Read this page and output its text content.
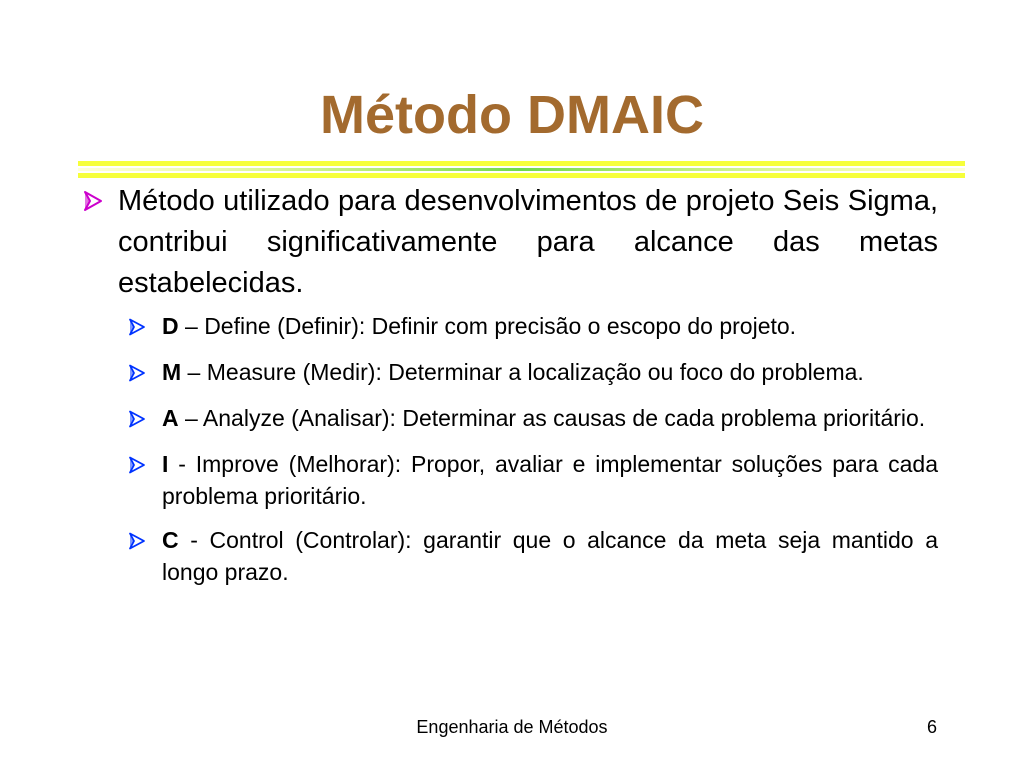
Método DMAIC
Método utilizado para desenvolvimentos de projeto Seis Sigma, contribui significativamente para alcance das metas estabelecidas.
D – Define (Definir): Definir com precisão o escopo do projeto.
M – Measure (Medir): Determinar a localização ou foco do problema.
A – Analyze (Analisar): Determinar as causas de cada problema prioritário.
I - Improve (Melhorar): Propor, avaliar e implementar soluções para cada problema prioritário.
C - Control (Controlar): garantir que o alcance da meta seja mantido a longo prazo.
Engenharia de Métodos	6
